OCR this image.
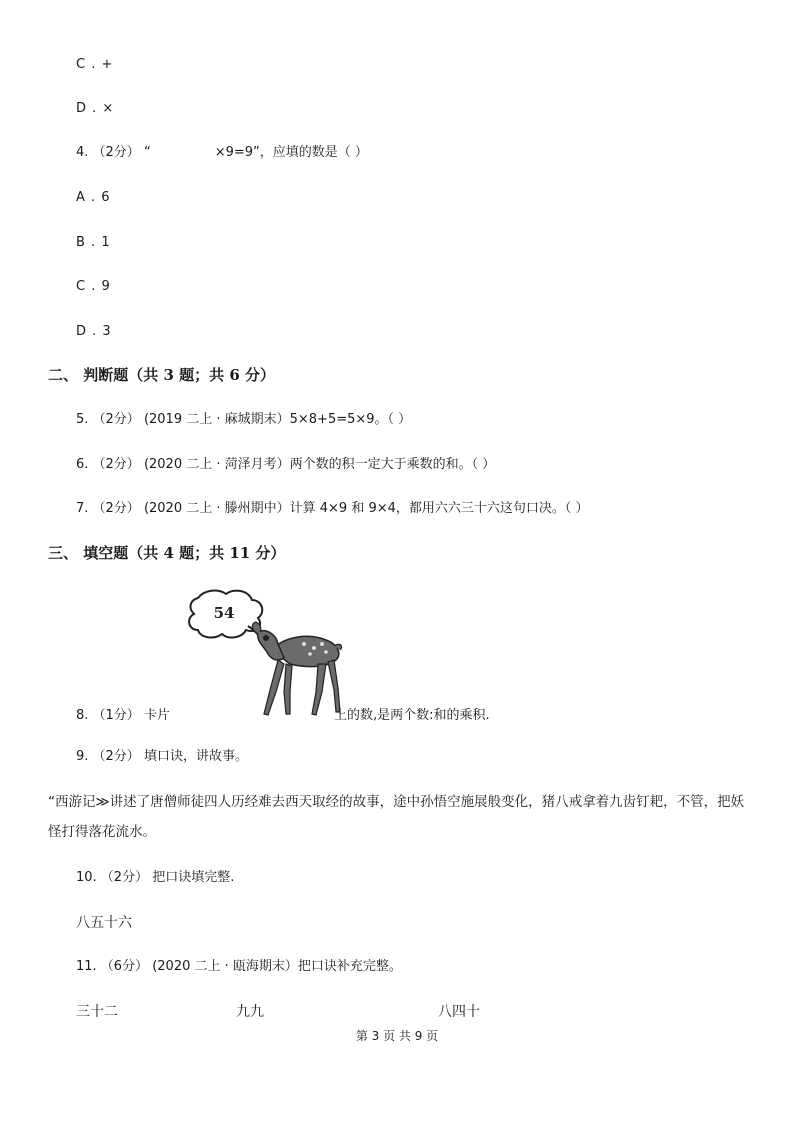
C . +
D . ×
4. （2分） “	×9=9”，应填的数是（ ）
A . 6
B . 1
C . 9
D . 3
二、 判断题（共 3 题；共 6 分）
5. （2分） (2019 二上 · 麻城期末）5×8+5=5×9。（ ）
6. （2分） (2020 二上 · 菏泽月考）两个数的积一定大于乘数的和。（ ）
7. （2分） (2020 二上 · 滕州期中）计算 4×9 和 9×4，都用六六三十六这句口决。（ ）
三、 填空题（共 4 题；共 11 分）
54
8. （1分） 卡片	上的数,是两个数:和的乘积.
9. （2分） 填口诀，讲故事。
“西游记≫讲述了唐僧师徒四人历经难去西天取经的故事，途中孙悟空施展般变化，猪八戒拿着九齿钉耙，不管，把妖怪打得落花流水。
10. （2分） 把口诀填完整.
八五十六
11. （6分） (2020 二上 · 瓯海期末）把口诀补充完整。
三十二	九九	八四十
第 3 页 共 9 页
